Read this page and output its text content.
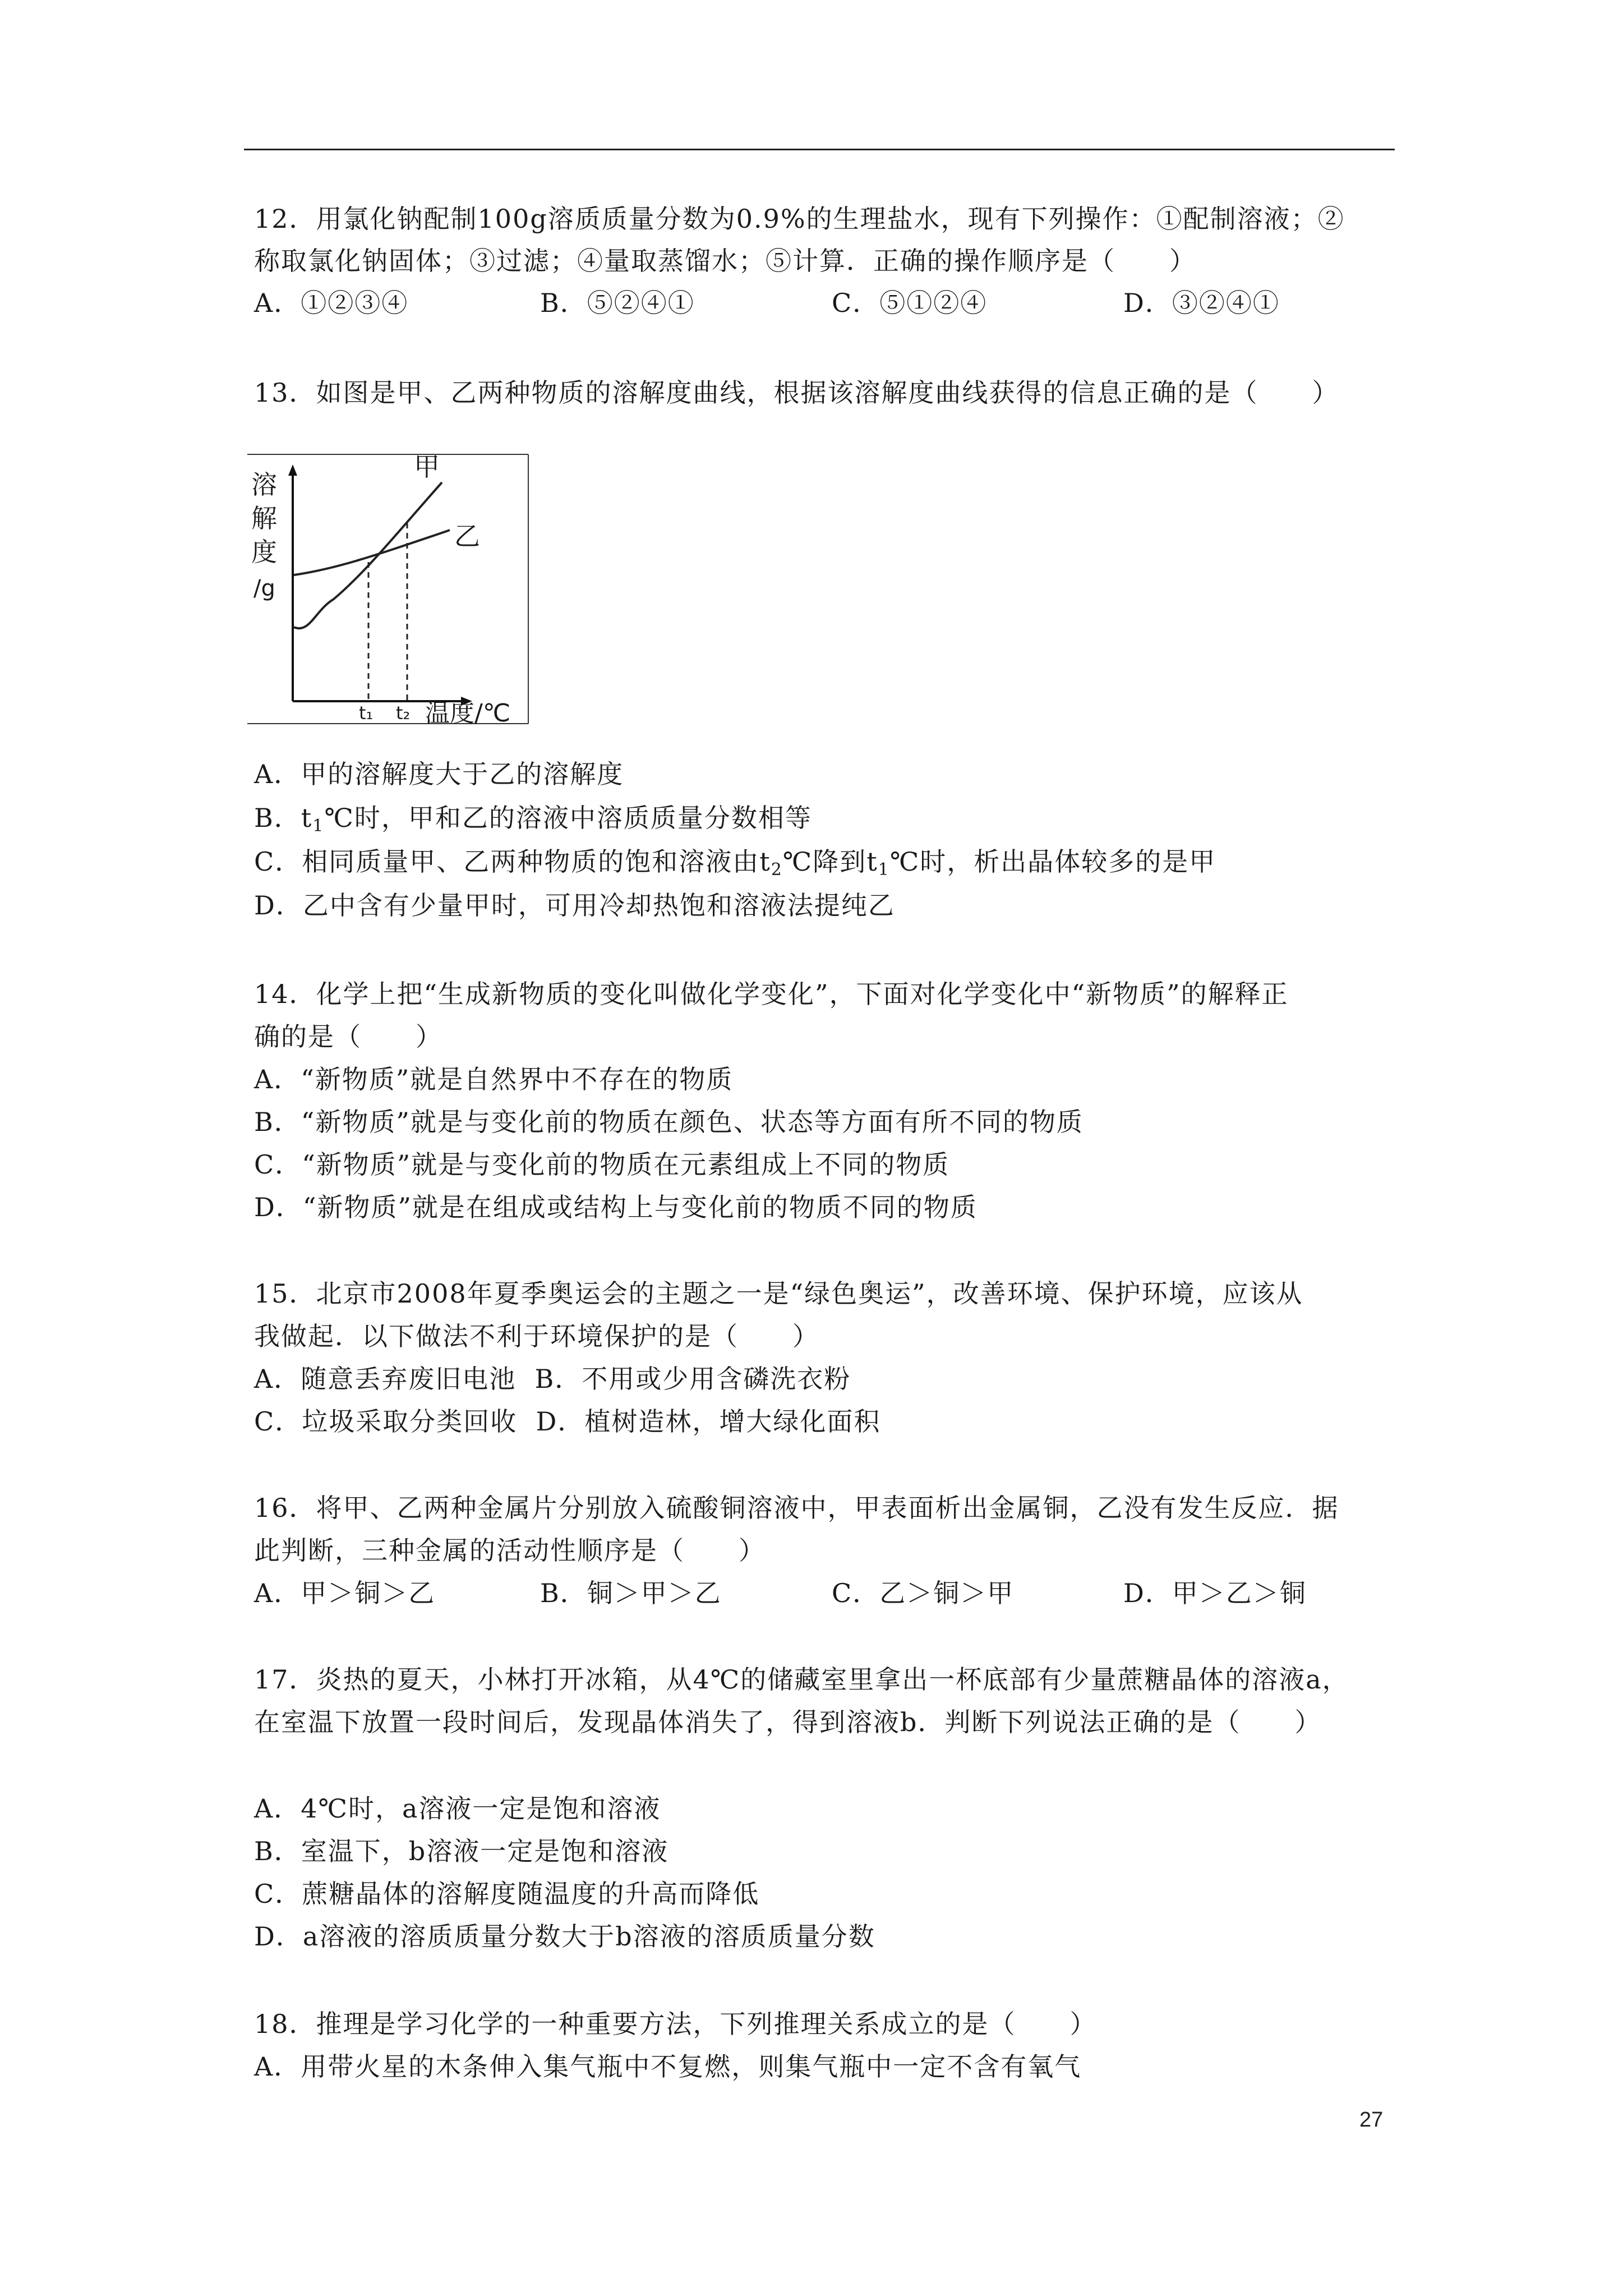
12．用氯化钠配制100g溶质质量分数为0.9%的生理盐水，现有下列操作：①配制溶液；②
称取氯化钠固体；③过滤；④量取蒸馏水；⑤计算．正确的操作顺序是（　　）

A．①②③④

	B．⑤②④①

	C．⑤①②④

	D．③②④①

13．如图是甲、乙两种物质的溶解度曲线，根据该溶解度曲线获得的信息正确的是（　　）
溶
解
度
/g
甲
乙
t₁ t₂ 温度/℃
A．甲的溶解度大于乙的溶解度
B．$t_1℃$时，甲和乙的溶液中溶质质量分数相等
C．相同质量甲、乙两种物质的饱和溶液由$t_2℃$降到$t_1℃$时，析出晶体较多的是甲
D．乙中含有少量甲时，可用冷却热饱和溶液法提纯乙
14．化学上把“生成新物质的变化叫做化学变化”，下面对化学变化中“新物质”的解释正
确的是（　　）
A．“新物质”就是自然界中不存在的物质
B．“新物质”就是与变化前的物质在颜色、状态等方面有所不同的物质
C．“新物质”就是与变化前的物质在元素组成上不同的物质
D．“新物质”就是在组成或结构上与变化前的物质不同的物质
15．北京市2008年夏季奥运会的主题之一是“绿色奥运”，改善环境、保护环境，应该从
我做起．以下做法不利于环境保护的是（　　）
A．随意丢弃废旧电池  B．不用或少用含磷洗衣粉
C．垃圾采取分类回收  D．植树造林，增大绿化面积
16．将甲、乙两种金属片分别放入硫酸铜溶液中，甲表面析出金属铜，乙没有发生反应．据
此判断，三种金属的活动性顺序是（　　）

A．甲＞铜＞乙

	B．铜＞甲＞乙

	C．乙＞铜＞甲

	D．甲＞乙＞铜

17．炎热的夏天，小林打开冰箱，从4℃的储藏室里拿出一杯底部有少量蔗糖晶体的溶液a，
在室温下放置一段时间后，发现晶体消失了，得到溶液b．判断下列说法正确的是（　　）
A．4℃时，a溶液一定是饱和溶液
B．室温下，b溶液一定是饱和溶液
C．蔗糖晶体的溶解度随温度的升高而降低
D．a溶液的溶质质量分数大于b溶液的溶质质量分数
18．推理是学习化学的一种重要方法，下列推理关系成立的是（　　）
A．用带火星的木条伸入集气瓶中不复燃，则集气瓶中一定不含有氧气
27
